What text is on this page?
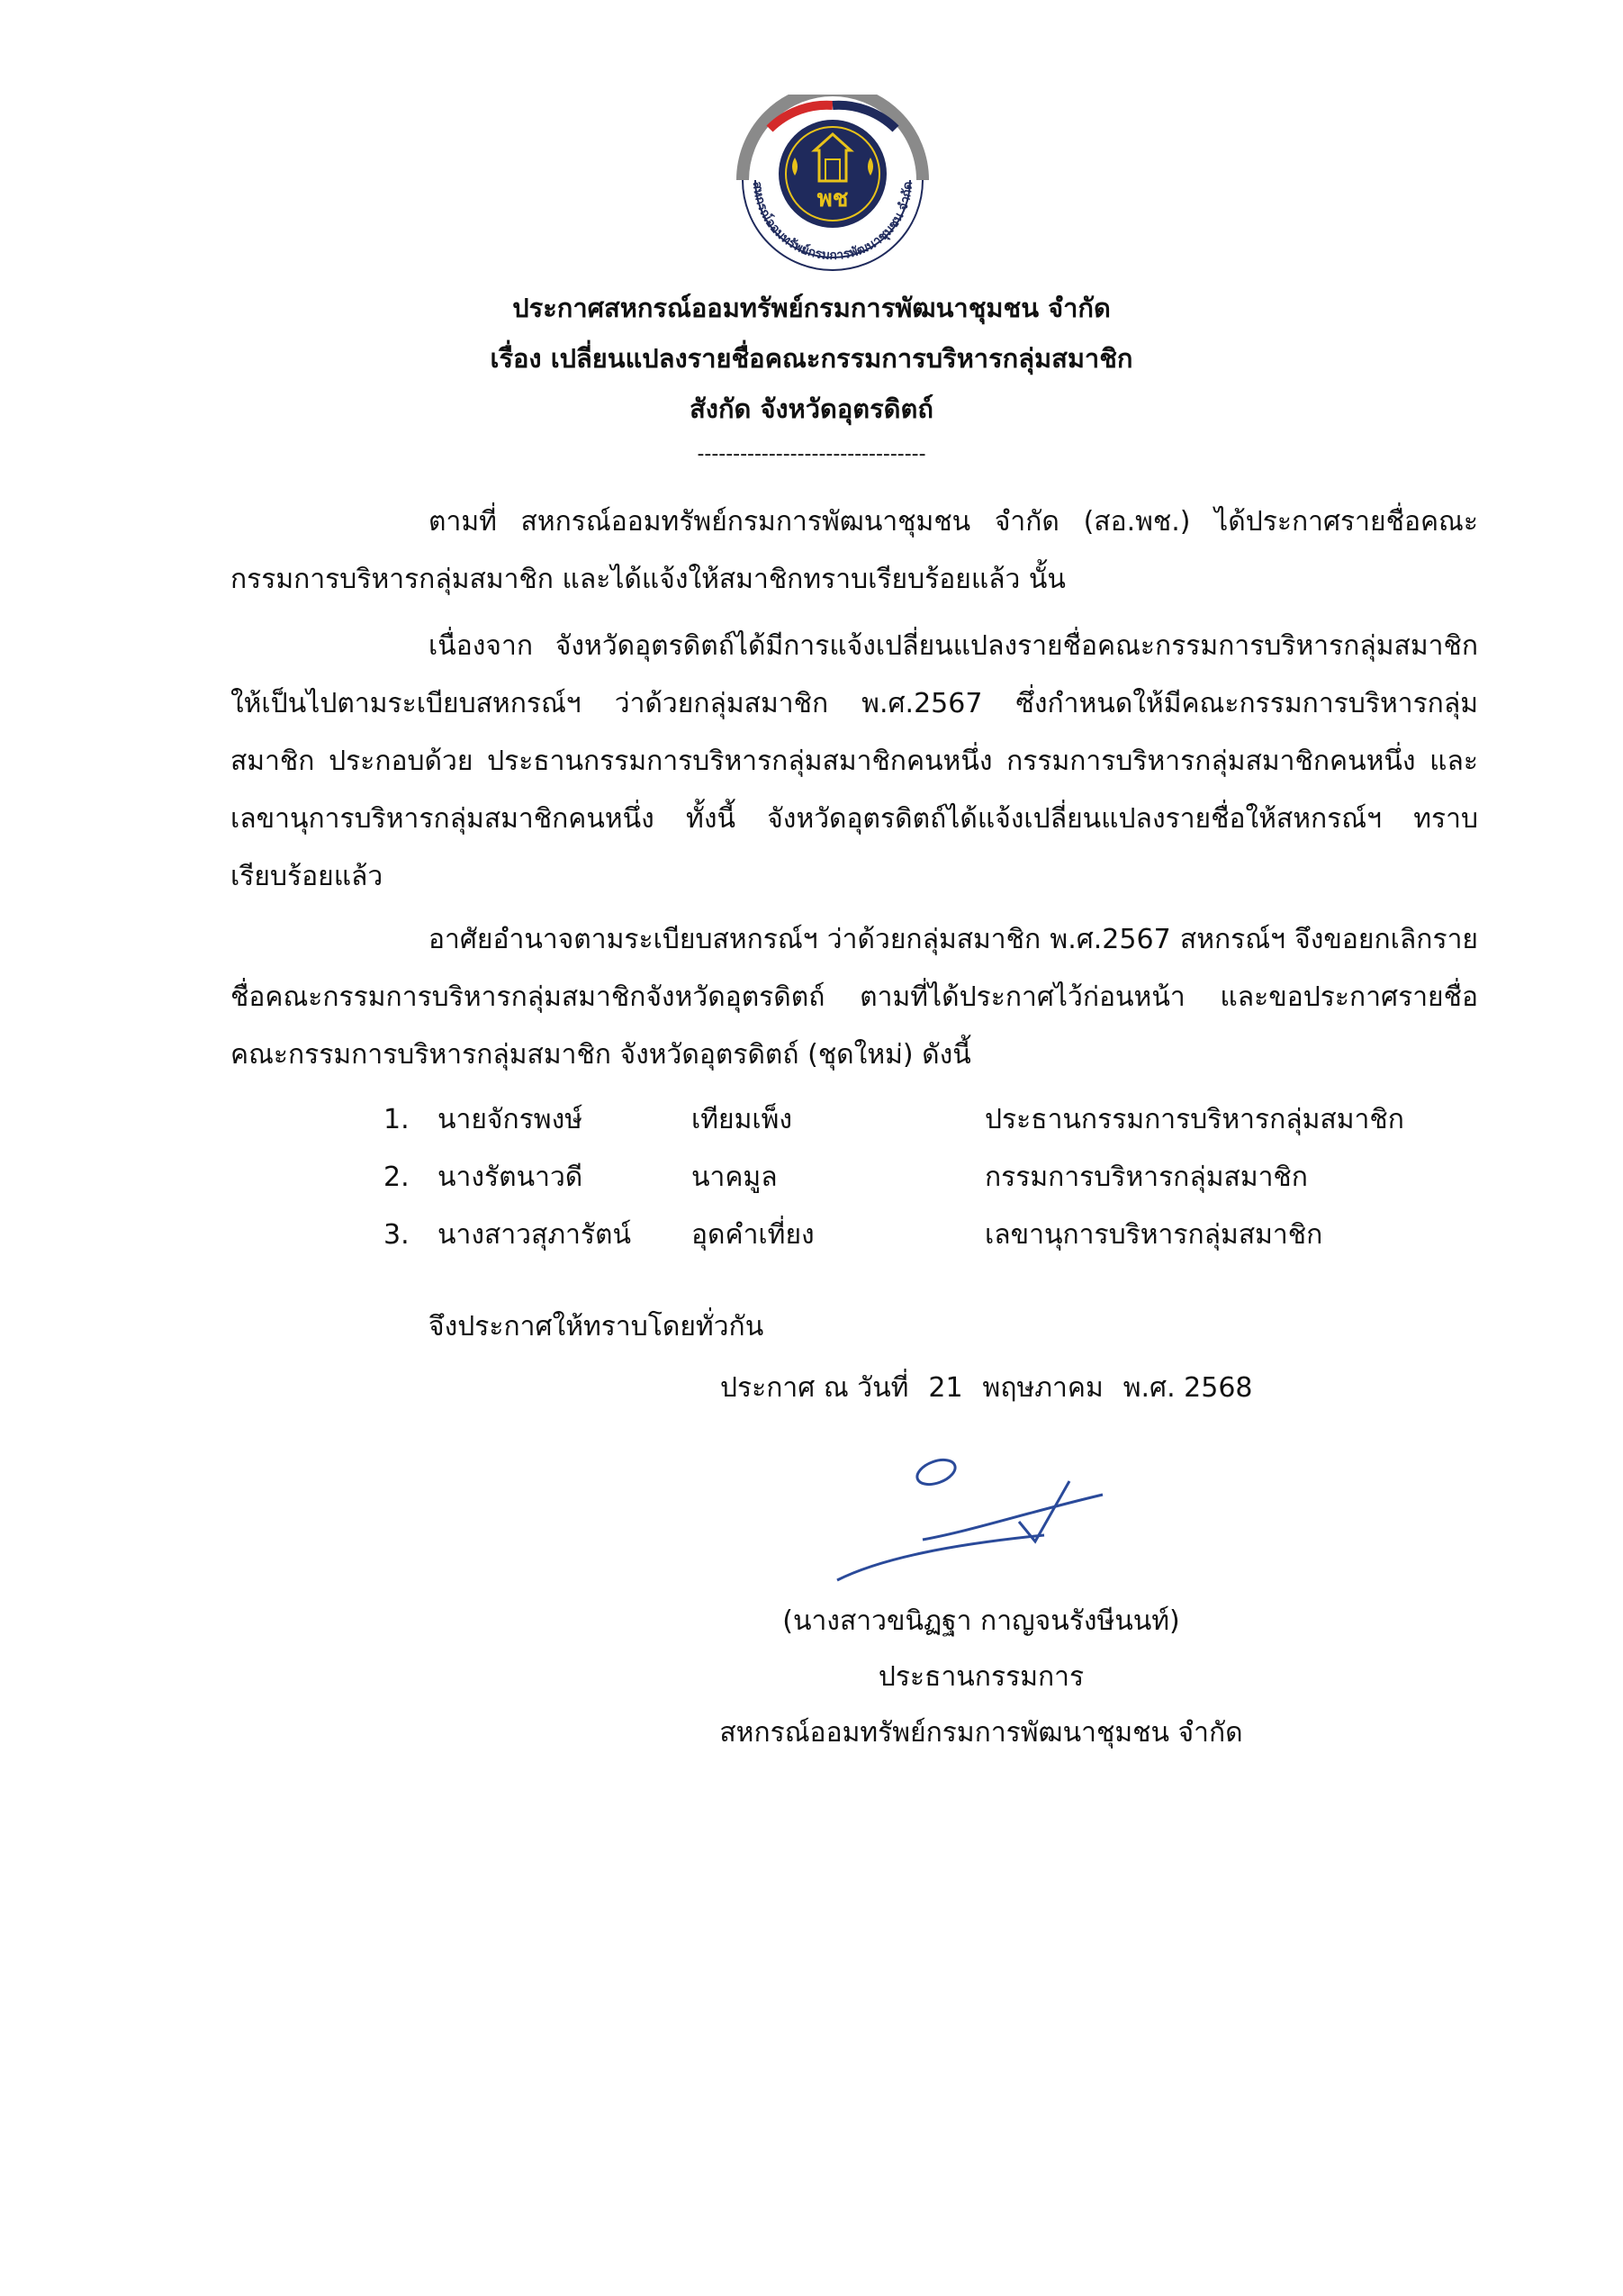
สหกรณ์ออมทรัพย์กรมการพัฒนาชุมชน จำกัด
พช
ประกาศสหกรณ์ออมทรัพย์กรมการพัฒนาชุมชน จำกัด
เรื่อง เปลี่ยนแปลงรายชื่อคณะกรรมการบริหารกลุ่มสมาชิก
สังกัด จังหวัดอุตรดิตถ์
--------------------------------

ตามที่ สหกรณ์ออมทรัพย์กรมการพัฒนาชุมชน จำกัด (สอ.พช.) ได้ประกาศรายชื่อคณะกรรมการบริหารกลุ่มสมาชิก และได้แจ้งให้สมาชิกทราบเรียบร้อยแล้ว นั้น

เนื่องจาก จังหวัดอุตรดิตถ์ได้มีการแจ้งเปลี่ยนแปลงรายชื่อคณะกรรมการบริหารกลุ่มสมาชิกให้เป็นไปตามระเบียบสหกรณ์ฯ ว่าด้วยกลุ่มสมาชิก พ.ศ.2567 ซึ่งกำหนดให้มีคณะกรรมการบริหารกลุ่มสมาชิก ประกอบด้วย ประธานกรรมการบริหารกลุ่มสมาชิกคนหนึ่ง กรรมการบริหารกลุ่มสมาชิกคนหนึ่ง และเลขานุการบริหารกลุ่มสมาชิกคนหนึ่ง ทั้งนี้ จังหวัดอุตรดิตถ์ได้แจ้งเปลี่ยนแปลงรายชื่อให้สหกรณ์ฯ ทราบเรียบร้อยแล้ว

อาศัยอำนาจตามระเบียบสหกรณ์ฯ ว่าด้วยกลุ่มสมาชิก พ.ศ.2567 สหกรณ์ฯ จึงขอยกเลิกรายชื่อคณะกรรมการบริหารกลุ่มสมาชิกจังหวัดอุตรดิตถ์ ตามที่ได้ประกาศไว้ก่อนหน้า และขอประกาศรายชื่อคณะกรรมการบริหารกลุ่มสมาชิก จังหวัดอุตรดิตถ์ (ชุดใหม่) ดังนี้

1. นายจักรพงษ์	เทียมเพ็ง	ประธานกรรมการบริหารกลุ่มสมาชิก
2. นางรัตนาวดี	นาคมูล	กรรมการบริหารกลุ่มสมาชิก
3. นางสาวสุภารัตน์ อุดคำเที่ยง	เลขานุการบริหารกลุ่มสมาชิก
จึงประกาศให้ทราบโดยทั่วกัน
ประกาศ ณ วันที่ 21 พฤษภาคม พ.ศ. 2568
(นางสาวขนิฏฐา กาญจนรังษีนนท์)
ประธานกรรมการ
สหกรณ์ออมทรัพย์กรมการพัฒนาชุมชน จำกัด
